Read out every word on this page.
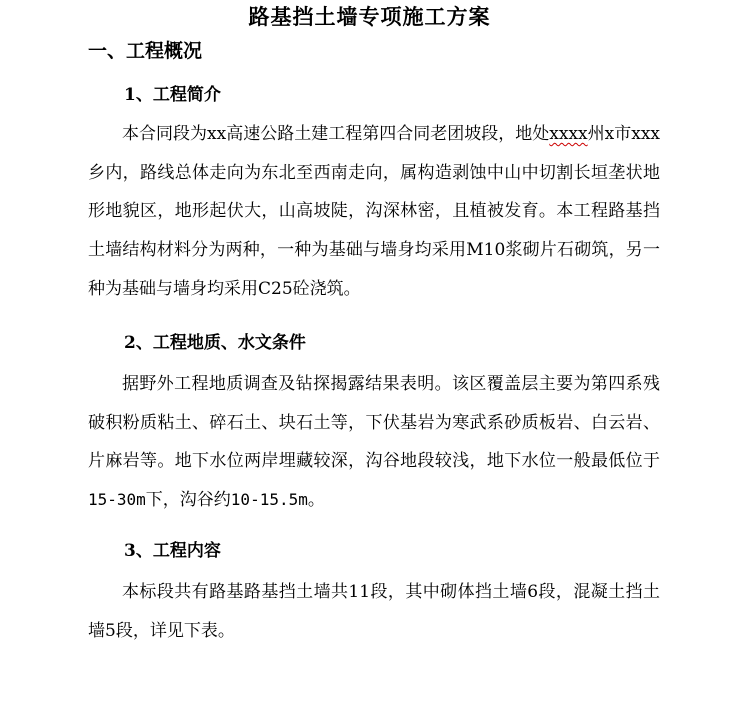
路基挡土墙专项施工方案
一、工程概况
1、工程简介

本合同段为xx高速公路土建工程第四合同老团坡段，地处xxxx州x市xxx乡内，路线总体走向为东北至西南走向，属构造剥蚀中山中切割长垣垄状地形地貌区，地形起伏大，山高坡陡，沟深林密，且植被发育。本工程路基挡土墙结构材料分为两种，一种为基础与墙身均采用M10浆砌片石砌筑，另一种为基础与墙身均采用C25砼浇筑。

2、工程地质、水文条件

据野外工程地质调查及钻探揭露结果表明。该区覆盖层主要为第四系残破积粉质粘土、碎石土、块石土等，下伏基岩为寒武系砂质板岩、白云岩、片麻岩等。地下水位两岸埋藏较深，沟谷地段较浅，地下水位一般最低位于15-30m下，沟谷约10-15.5m。

3、工程内容

本标段共有路基路基挡土墙共11段，其中砌体挡土墙6段，混凝土挡土墙5段，详见下表。
